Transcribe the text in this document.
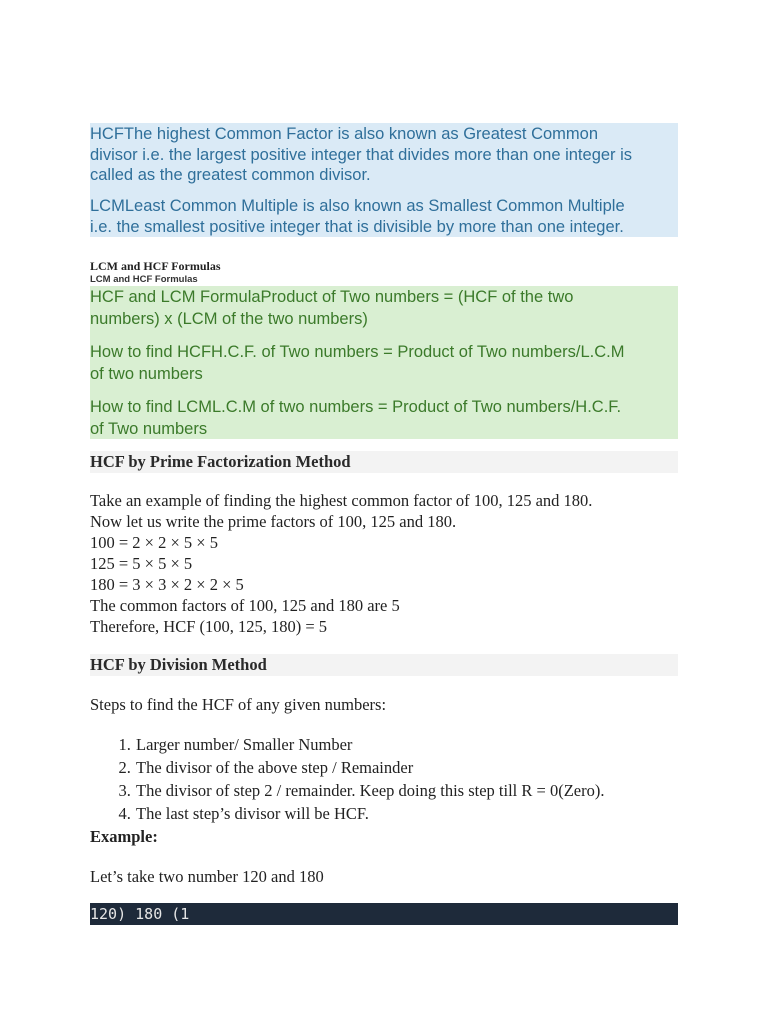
HCFThe highest Common Factor is also known as Greatest Common
divisor i.e. the largest positive integer that divides more than one integer is
called as the greatest common divisor.
LCMLeast Common Multiple is also known as Smallest Common Multiple
i.e. the smallest positive integer that is divisible by more than one integer.
LCM and HCF Formulas
LCM and HCF Formulas
HCF and LCM FormulaProduct of Two numbers = (HCF of the two
numbers) x (LCM of the two numbers)
How to find HCFH.C.F. of Two numbers = Product of Two numbers/L.C.M
of two numbers
How to find LCML.C.M of two numbers = Product of Two numbers/H.C.F.
of Two numbers
HCF by Prime Factorization Method
Take an example of finding the highest common factor of 100, 125 and 180.
Now let us write the prime factors of 100, 125 and 180.
100 = 2 × 2 × 5 × 5
125 = 5 × 5 × 5
180 = 3 × 3 × 2 × 2 × 5
The common factors of 100, 125 and 180 are 5
Therefore, HCF (100, 125, 180) = 5
HCF by Division Method
Steps to find the HCF of any given numbers:
1. Larger number/ Smaller Number
2. The divisor of the above step / Remainder
3. The divisor of step 2 / remainder. Keep doing this step till R = 0(Zero).
4. The last step’s divisor will be HCF.
Example:
Let’s take two number 120 and 180
120) 180 (1
